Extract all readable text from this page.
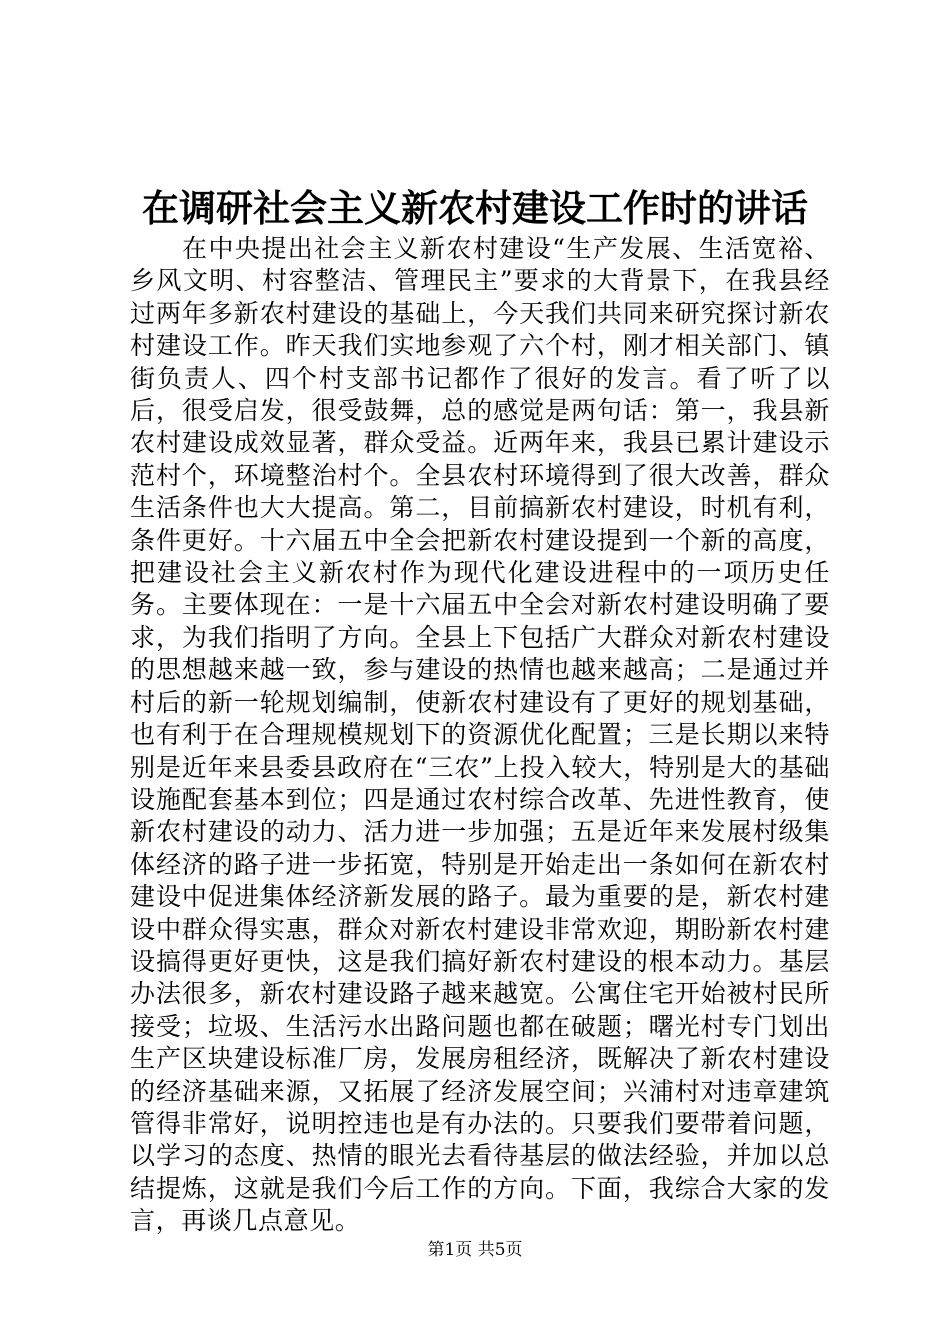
在调研社会主义新农村建设工作时的讲话

在中央提出社会主义新农村建设“生产发展、生活宽裕、乡风文明、村容整洁、管理民主”要求的大背景下，在我县经过两年多新农村建设的基础上，今天我们共同来研究探讨新农村建设工作。昨天我们实地参观了六个村，刚才相关部门、镇街负责人、四个村支部书记都作了很好的发言。看了听了以后，很受启发，很受鼓舞，总的感觉是两句话：第一，我县新农村建设成效显著，群众受益。近两年来，我县已累计建设示范村个，环境整治村个。全县农村环境得到了很大改善，群众生活条件也大大提高。第二，目前搞新农村建设，时机有利，条件更好。十六届五中全会把新农村建设提到一个新的高度，把建设社会主义新农村作为现代化建设进程中的一项历史任务。主要体现在：一是十六届五中全会对新农村建设明确了要求，为我们指明了方向。全县上下包括广大群众对新农村建设的思想越来越一致，参与建设的热情也越来越高；二是通过并村后的新一轮规划编制，使新农村建设有了更好的规划基础，也有利于在合理规模规划下的资源优化配置；三是长期以来特别是近年来县委县政府在“三农”上投入较大，特别是大的基础设施配套基本到位；四是通过农村综合改革、先进性教育，使新农村建设的动力、活力进一步加强；五是近年来发展村级集体经济的路子进一步拓宽，特别是开始走出一条如何在新农村建设中促进集体经济新发展的路子。最为重要的是，新农村建设中群众得实惠，群众对新农村建设非常欢迎，期盼新农村建设搞得更好更快，这是我们搞好新农村建设的根本动力。基层办法很多，新农村建设路子越来越宽。公寓住宅开始被村民所接受；垃圾、生活污水出路问题也都在破题；曙光村专门划出生产区块建设标准厂房，发展房租经济，既解决了新农村建设的经济基础来源，又拓展了经济发展空间；兴浦村对违章建筑管得非常好，说明控违也是有办法的。只要我们要带着问题，以学习的态度、热情的眼光去看待基层的做法经验，并加以总结提炼，这就是我们今后工作的方向。下面，我综合大家的发言，再谈几点意见。

第1页 共5页
